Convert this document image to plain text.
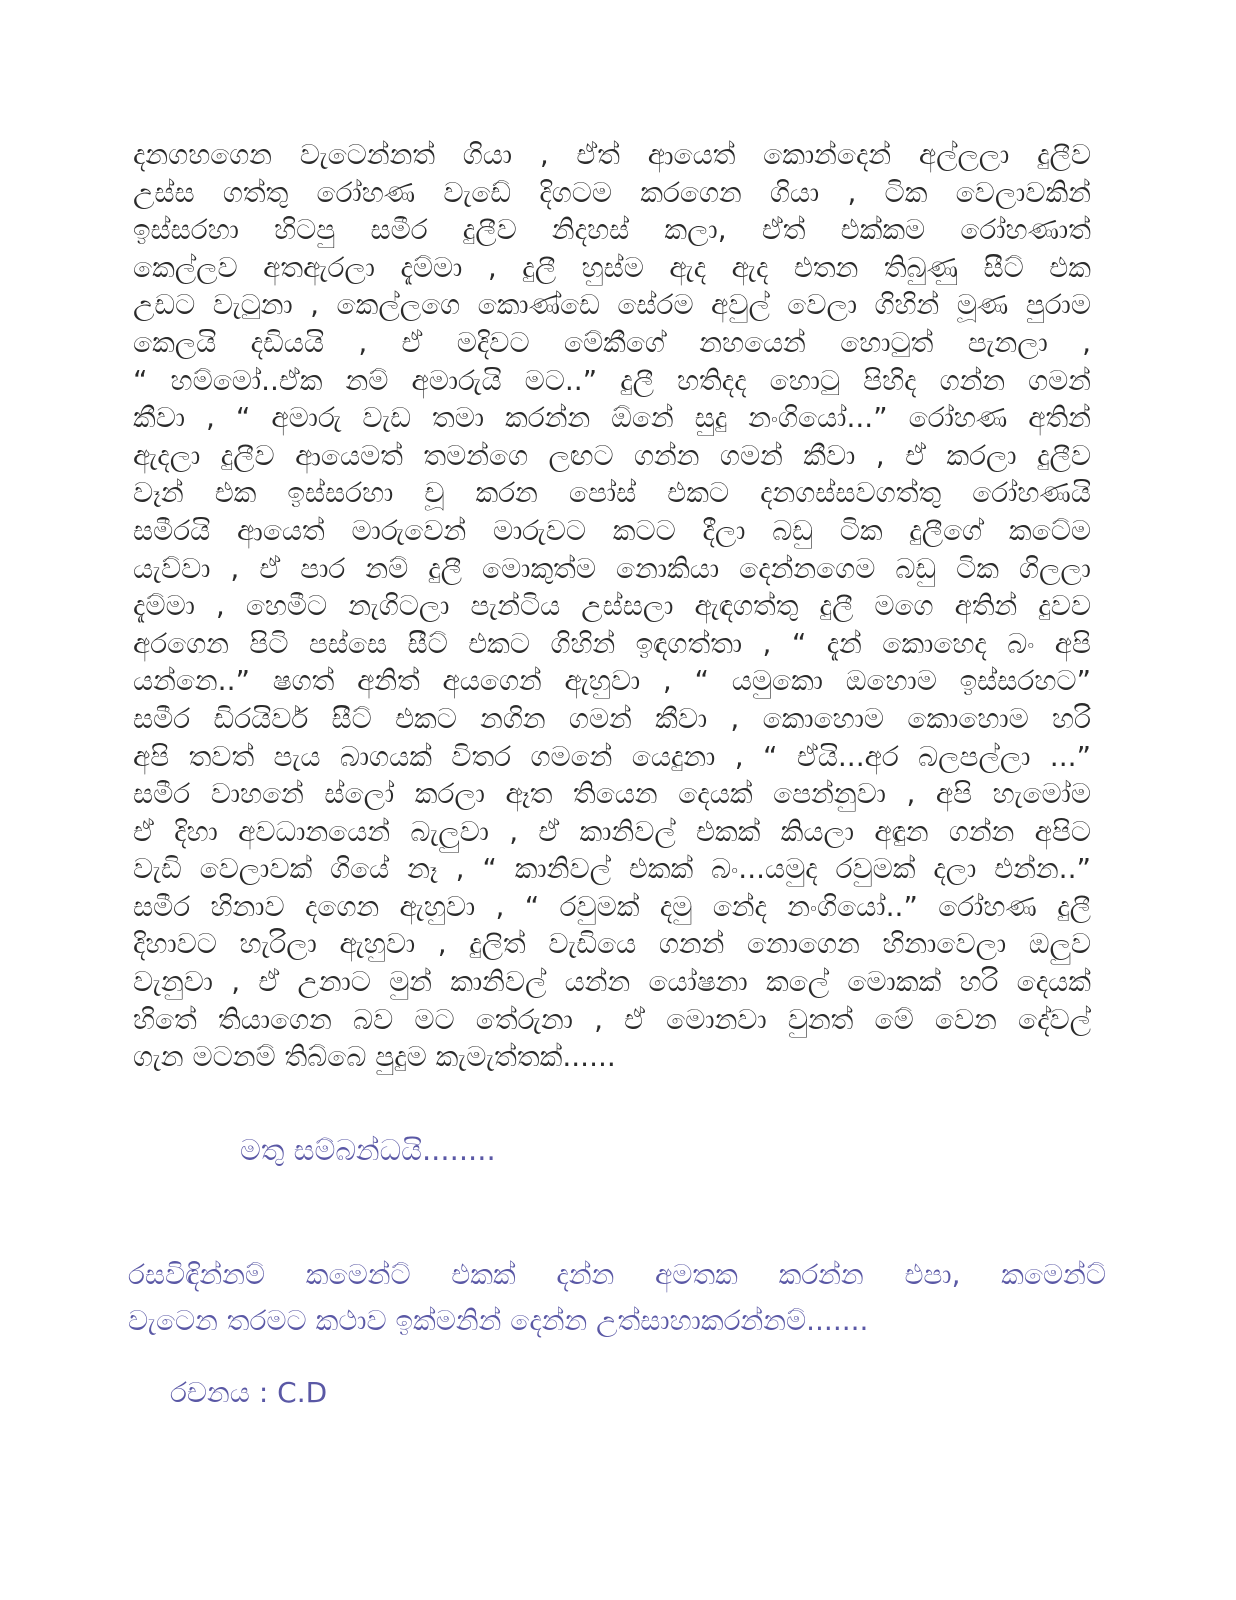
දනගහගෙන වැටෙන්නත් ගියා , ඒත් ආයෙත් කොන්දෙන් අල්ලලා දුලීව
උස්ස ගත්තු රෝහණ වැඩේ දිගටම කරගෙන ගියා , ටික වෙලාවකින්
ඉස්සරහා හිටපු සමීර දුලීව නිදහස් කලා, ඒත් එක්කම රෝහණාත්
කෙල්ලව අතඇරලා දැම්මා , දුලී හුස්ම ඇද ඇද එතන තිබුණු සීට් එක
උඩට වැටුනා , කෙල්ලගෙ කොණ්ඩෙ සේරම අවුල් වෙලා ගිහින් මූණ පුරාම
කෙලයි දඩියයි , ඒ මදිවට මේකීගේ නහයෙන් හොටුත් පැනලා ,
“ හම්මෝ..ඒක නම් අමාරුයි මට..” දුලී හතිදද හොටු පිහිද ගන්න ගමන්
කීවා , “ අමාරු වැඩ තමා කරන්න ඕනේ සුදු නංගියෝ...” රෝහණ අතින්
ඇදලා දුලීව ආයෙමත් තමන්ගෙ ලඟට ගන්න ගමන් කීවා , ඒ කරලා දුලීව
වෑන් එක ඉස්සරහා චූ කරන පෝස් එකට දනගස්සවගත්තු රෝහණයි
සමීරයි ආයෙත් මාරුවෙන් මාරුවට කටට දීලා බඩු ටික දුලීගේ කටේම
යැව්වා , ඒ පාර නම් දුලී මොකුත්ම නොකියා දෙන්නගෙම බඩු ටික ගිලලා
දැම්මා , හෙමීට නැගිටලා පැන්ටිය උස්සලා ඇඳගත්තු දුලී මගෙ අතින් දුවව
අරගෙන පිටි පස්සෙ සීට් එකට ගිහින් ඉඳගත්තා , “ දැන් කොහෙද බං අපි
යන්නෙ..” ෂගත් අනිත් අයගෙන් ඇහුවා , “ යමුකො ඔහොම ඉස්සරහට”
සමීර ඩිරයිවර් සීට් එකට නගින ගමන් කීවා , කොහොම කොහොම හරි
අපි තවත් පැය බාගයක් විතර ගමනේ යෙදුනා , “ ඒයි...අර බලපල්ලා ...”
සමීර වාහනේ ස්ලෝ කරලා ඈත තියෙන දෙයක් පෙන්නුවා , අපි හැමෝම
ඒ දිහා අවධානයෙන් බැලුවා , ඒ කානිවල් එකක් කියලා අඳුන ගන්න අපිට
වැඩි වෙලාවක් ගියේ නෑ , “ කානිවල් එකක් බං...යමුද රවුමක් දලා එන්න..”
සමීර හිනාව දගෙන ඇහුවා , “ රවුමක් දමු නේද නංගියෝ..” රෝහණ දුලී
දිහාවට හැරිලා ඇහුවා , දුලිත් වැඩියෙ ගනන් නොගෙන හිනාවෙලා ඔලුව
වැනුවා , ඒ උනාට මුන් කානිවල් යන්න යෝෂනා කලේ මොකක් හරි දෙයක්
හිතේ තියාගෙන බව මට තේරුනා , ඒ මොනවා වුනත් මේ වෙන දේවල්
ගැන මටනම් තිබ්බෙ පුදුම කැමැත්තක්......
මතු සම්බන්ධයි........
රසවිඳින්නම් කමෙන්ට් එකක් දන්න අමතක කරන්න එපා, කමෙන්ට්
වැටෙන තරමට කථාව ඉක්මනින් දෙන්න උත්සාහාකරන්නම්.......
රචනය : C.D
